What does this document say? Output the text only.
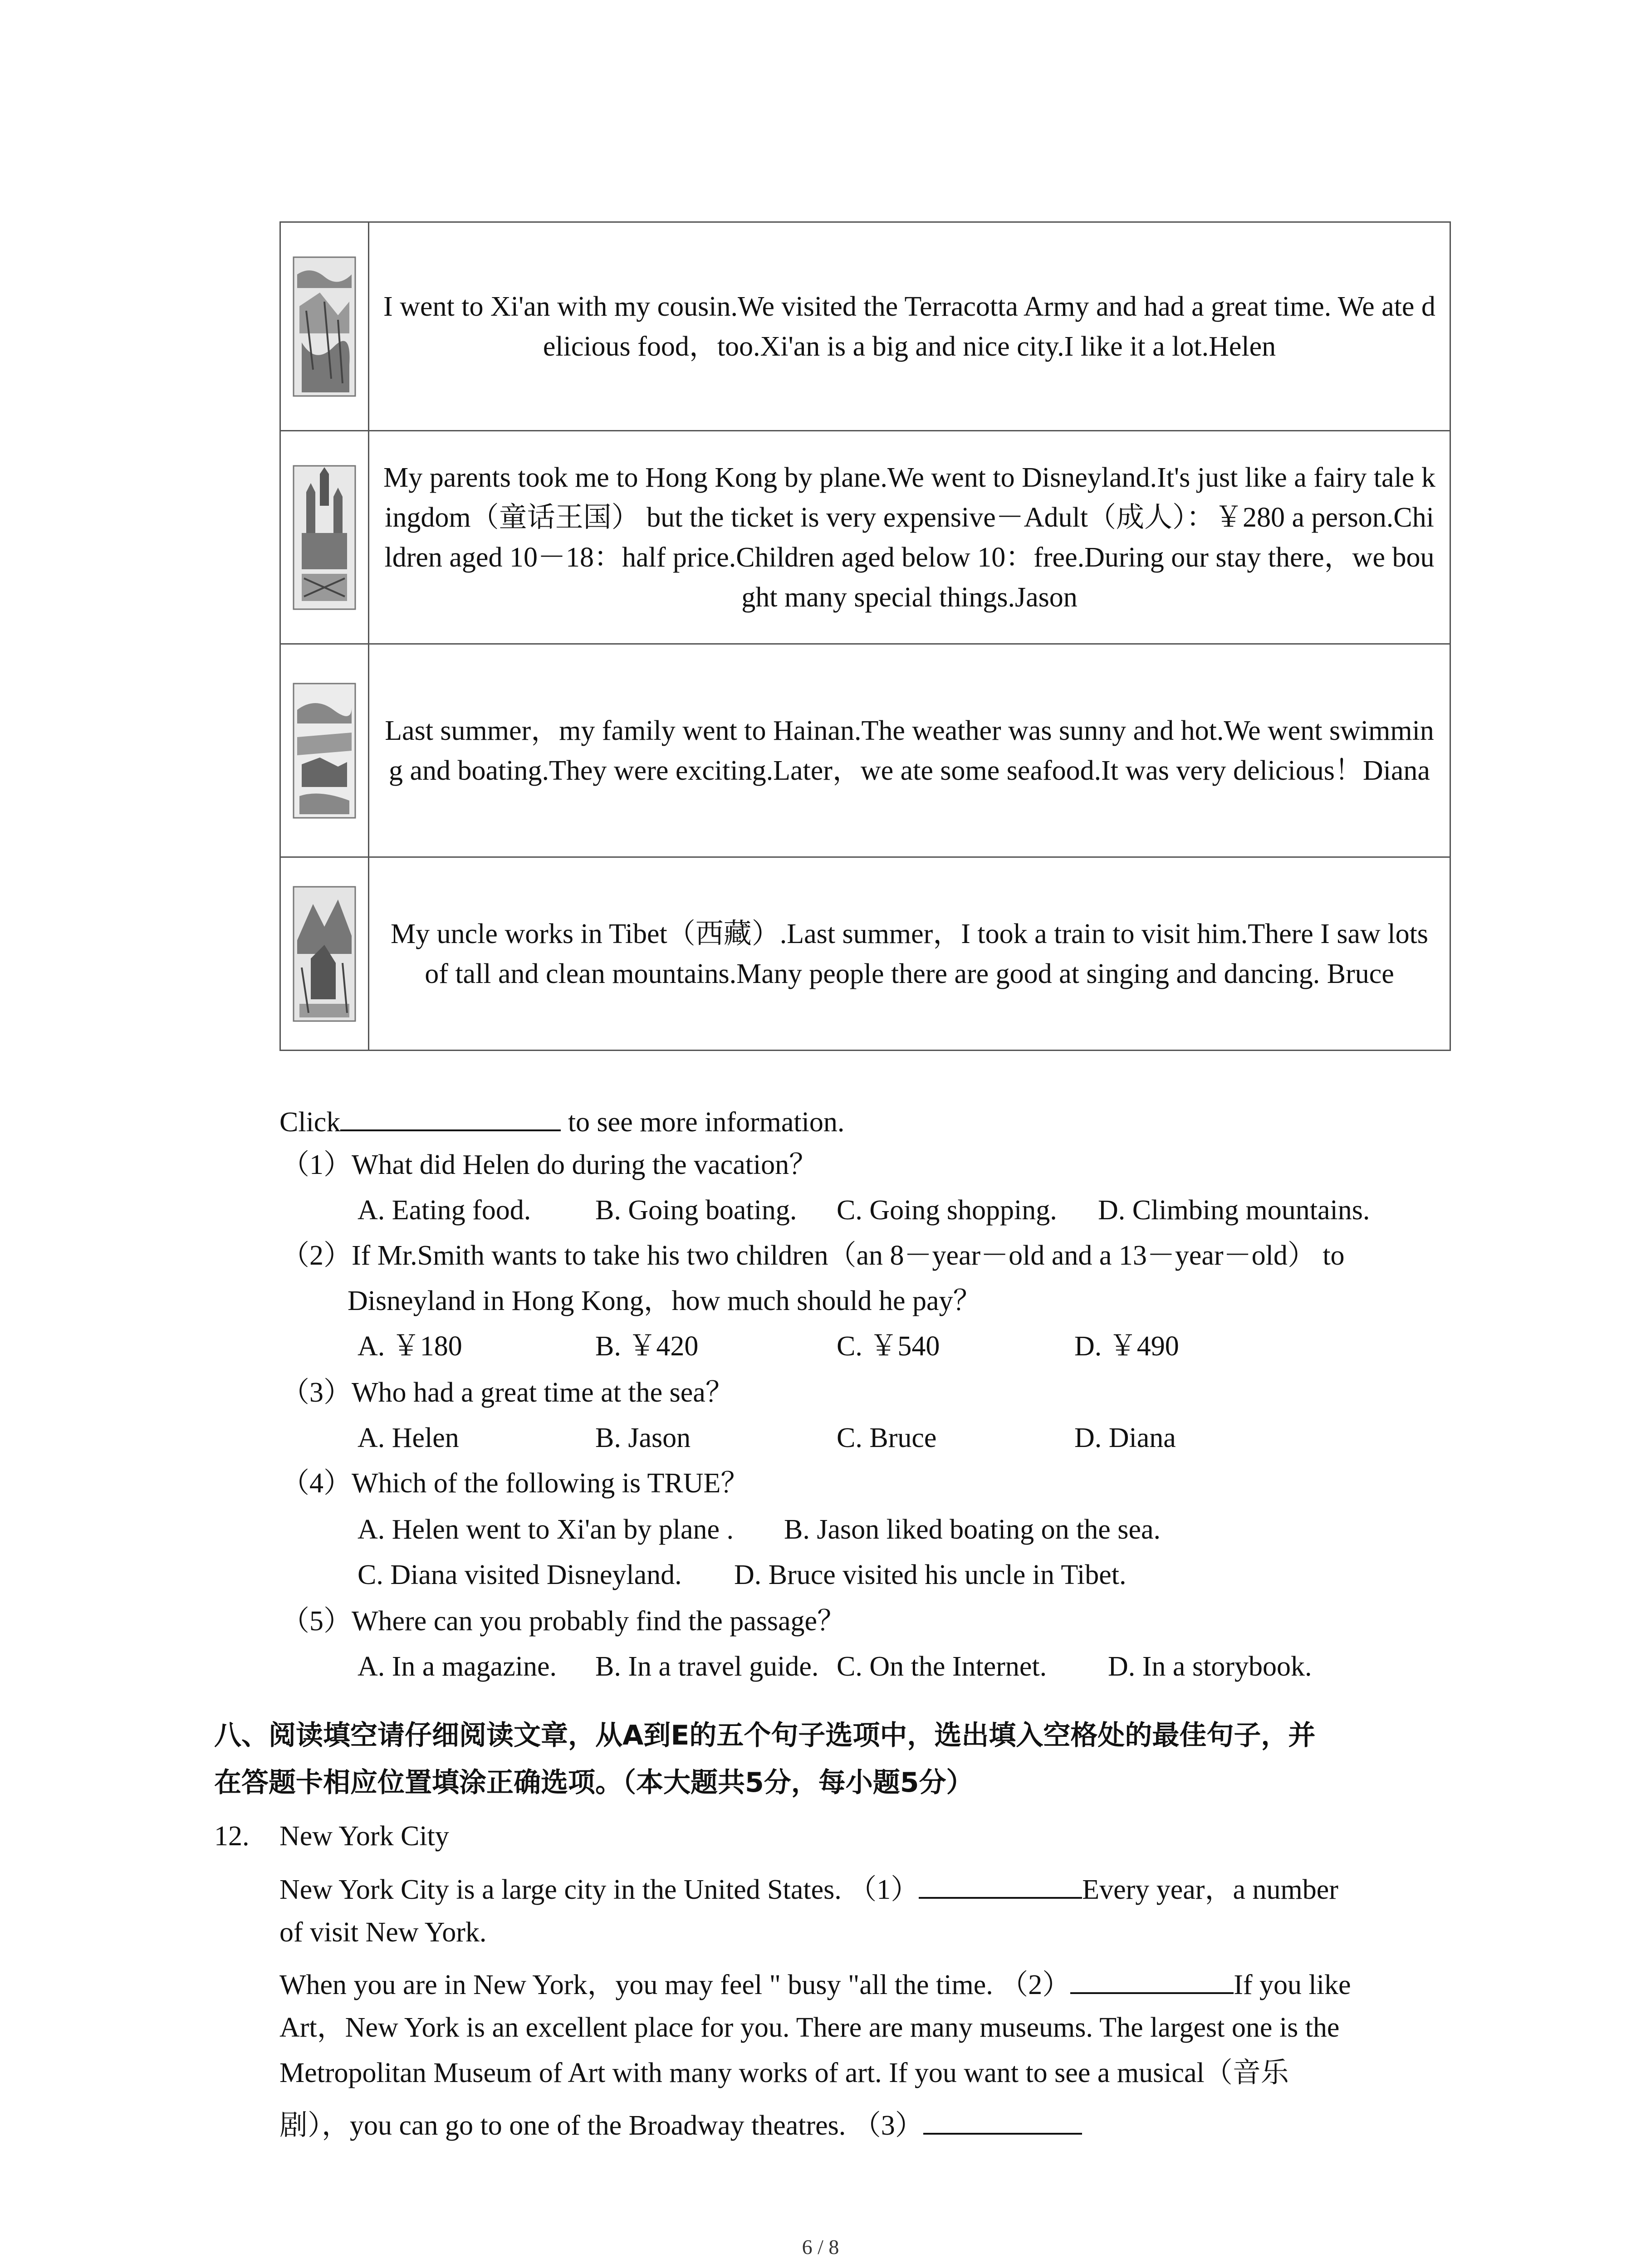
	I went to Xi'an with my cousin.We visited the Terracotta Army and had a great time. We ate delicious food，too.Xi'an is a big and nice city.I like it a lot.Helen

	My parents took me to Hong Kong by plane.We went to Disneyland.It's just like a fairy tale kingdom（童话王国） but the ticket is very expensive－Adult（成人）：￥280 a person.Children aged 10－18：half price.Children aged below 10：free.During our stay there，we bought many special things.Jason

	Last summer，my family went to Hainan.The weather was sunny and hot.We went swimming and boating.They were exciting.Later，we ate some seafood.It was very delicious！Diana

	My uncle works in Tibet（西藏）.Last summer，I took a train to visit him.There I saw lots of tall and clean mountains.Many people there are good at singing and dancing. Bruce
Click	to see more information.
（1）What did Helen do during the vacation？
A. Eating food. B. Going boating. C. Going shopping. D. Climbing mountains.
（2）If Mr.Smith wants to take his two children（an 8－year－old and a 13－year－old） to
Disneyland in Hong Kong，how much should he pay？
A. ￥180	B. ￥420	C. ￥540	D. ￥490
（3）Who had a great time at the sea？
A. Helen	B. Jason	C. Bruce	D. Diana
（4）Which of the following is TRUE？
A. Helen went to Xi'an by plane . B. Jason liked boating on the sea.
C. Diana visited Disneyland. D. Bruce visited his uncle in Tibet.
（5）Where can you probably find the passage？
A. In a magazine. B. In a travel guide. C. On the Internet. D. In a storybook.
八、阅读填空请仔细阅读文章，从A到E的五个句子选项中，选出填入空格处的最佳句子，并
在答题卡相应位置填涂正确选项。（本大题共5分，每小题5分）
12. New York City
New York City is a large city in the United States. （1）	Every year，a number
of visit New York.
When you are in New York，you may feel " busy "all the time. （2）	If you like
Art，New York is an excellent place for you. There are many museums. The largest one is the
Metropolitan Museum of Art with many works of art. If you want to see a musical（音乐
剧），you can go to one of the Broadway theatres. （3）
6 / 8
